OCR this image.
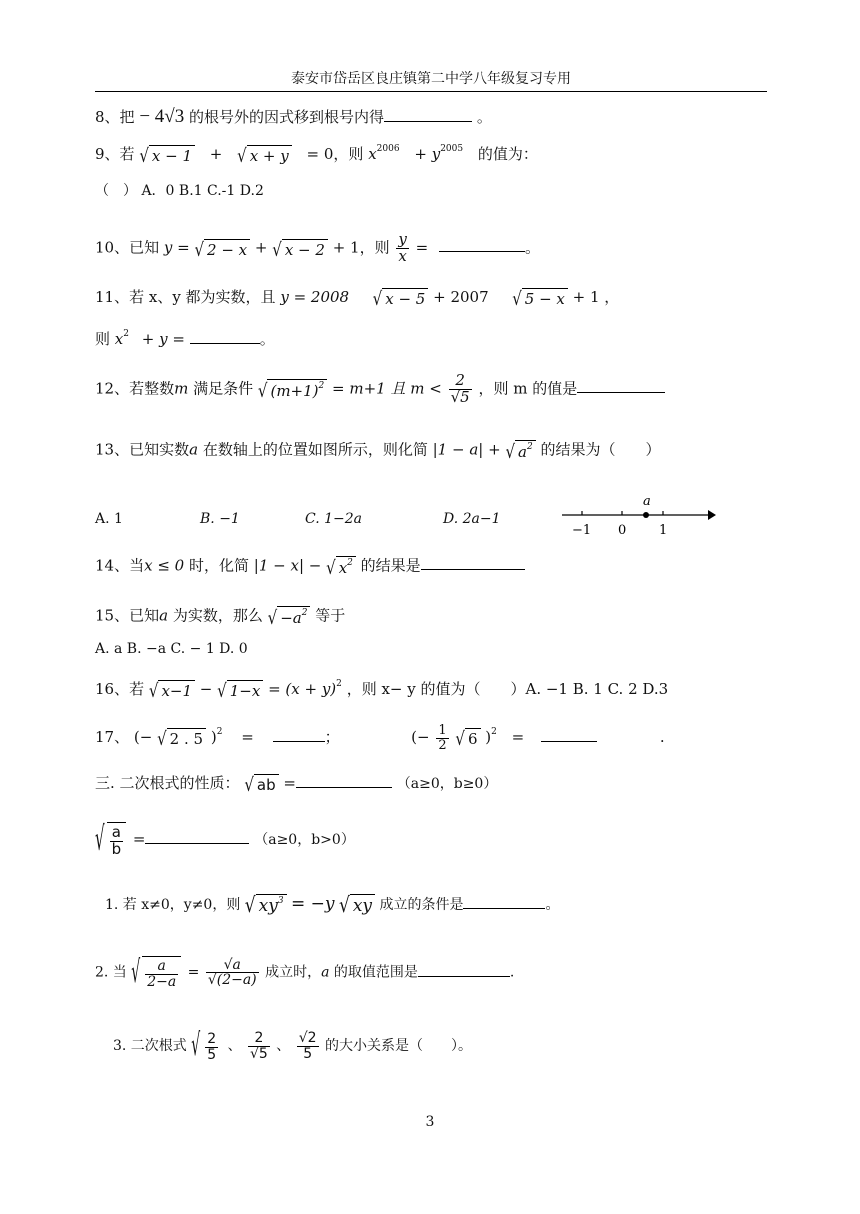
泰安市岱岳区良庄镇第二中学八年级复习专用
8、把 − 4√3 的根号外的因式移到根号内得	。
9、若 √ x − 1 + √ x + y = 0，则 $x^{2006} + y^{2005}$ 的值为：
（　） A．0 B.1 C.-1 D.2
10、已知 y = √ 2 − x + √ x − 2 + 1，则 $\frac{y}{x}$ =	。
11、若 x、y 都为实数，且 y = 2008 √ x − 5 + 2007 √ 5 − x + 1 ，
则 $x^2 + y$ =	。
12、若整数m 满足条件 √ $(m+1)^2 = m+1$ 且 $m < \frac{2}{√5}$ ，则 m 的值是
13、已知实数a 在数轴上的位置如图所示，则化简 |1 − a| + √ $a^2$ 的结果为（　　）
A. 1	B. −1	C. 1−2a	D. 2a−1
a
−1 0	1
14、当x ≤ 0 时，化简 |1 − x| − √ $x^2$ 的结果是
15、已知a 为实数，那么 √ $-a^2$ 等于
A. a B. −a C. − 1 D. 0
16、若 √ x−1 − √ $1-x = (x + y)^2$ ，则 x− y 的值为（　　）A. −1 B. 1 C. 2 D.3
17、 (− √ 2 . 5 )$^2$ =	；	(− $\frac{1}{2}$ √ 6 )$^2$ =	.
三. 二次根式的性质： √ ab =	（a≥0，b≥0）
√ $\frac{a}{b}$ =	（a≥0，b>0）
1. 若 x≠0，y≠0，则 √ $xy^3 = -y$ √ xy 成立的条件是	。
2. 当 √ $\frac{a}{2-a} = \frac{√a}{√(2-a)}$ 成立时，a 的取值范围是	.
3. 二次根式 √ $\frac{2}{5}$ 、 $\frac{2}{√5}$ 、 $\frac{√2}{5}$ 的大小关系是（　　）。
3
